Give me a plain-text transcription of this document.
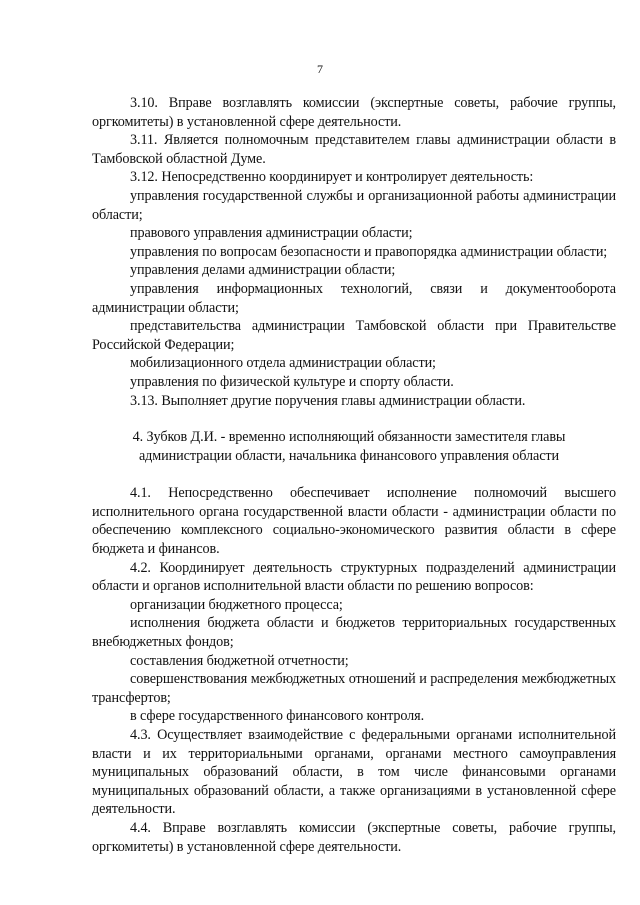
7

3.10. Вправе возглавлять комиссии (экспертные советы, рабочие группы, оргкомитеты) в установленной сфере деятельности.

3.11. Является полномочным представителем главы администрации области в Тамбовской областной Думе.

3.12. Непосредственно координирует и контролирует деятельность:

управления государственной службы и организационной работы администрации области;

правового управления администрации области;

управления по вопросам безопасности и правопорядка администрации области;

управления делами администрации области;

управления информационных технологий, связи и документооборота администрации области;

представительства администрации Тамбовской области при Правительстве Российской Федерации;

мобилизационного отдела администрации области;

управления по физической культуре и спорту области.

3.13. Выполняет другие поручения главы администрации области.

4. Зубков Д.И. - временно исполняющий обязанности заместителя главы администрации области, начальника финансового управления области

4.1. Непосредственно обеспечивает исполнение полномочий высшего исполнительного органа государственной власти области - администрации области по обеспечению комплексного социально-экономического развития области в сфере бюджета и финансов.

4.2. Координирует деятельность структурных подразделений администрации области и органов исполнительной власти области по решению вопросов:

организации бюджетного процесса;

исполнения бюджета области и бюджетов территориальных государственных внебюджетных фондов;

составления бюджетной отчетности;

совершенствования межбюджетных отношений и распределения межбюджетных трансфертов;

в сфере государственного финансового контроля.

4.3. Осуществляет взаимодействие с федеральными органами исполнительной власти и их территориальными органами, органами местного самоуправления муниципальных образований области, в том числе финансовыми органами муниципальных образований области, а также организациями в установленной сфере деятельности.

4.4. Вправе возглавлять комиссии (экспертные советы, рабочие группы, оргкомитеты) в установленной сфере деятельности.
